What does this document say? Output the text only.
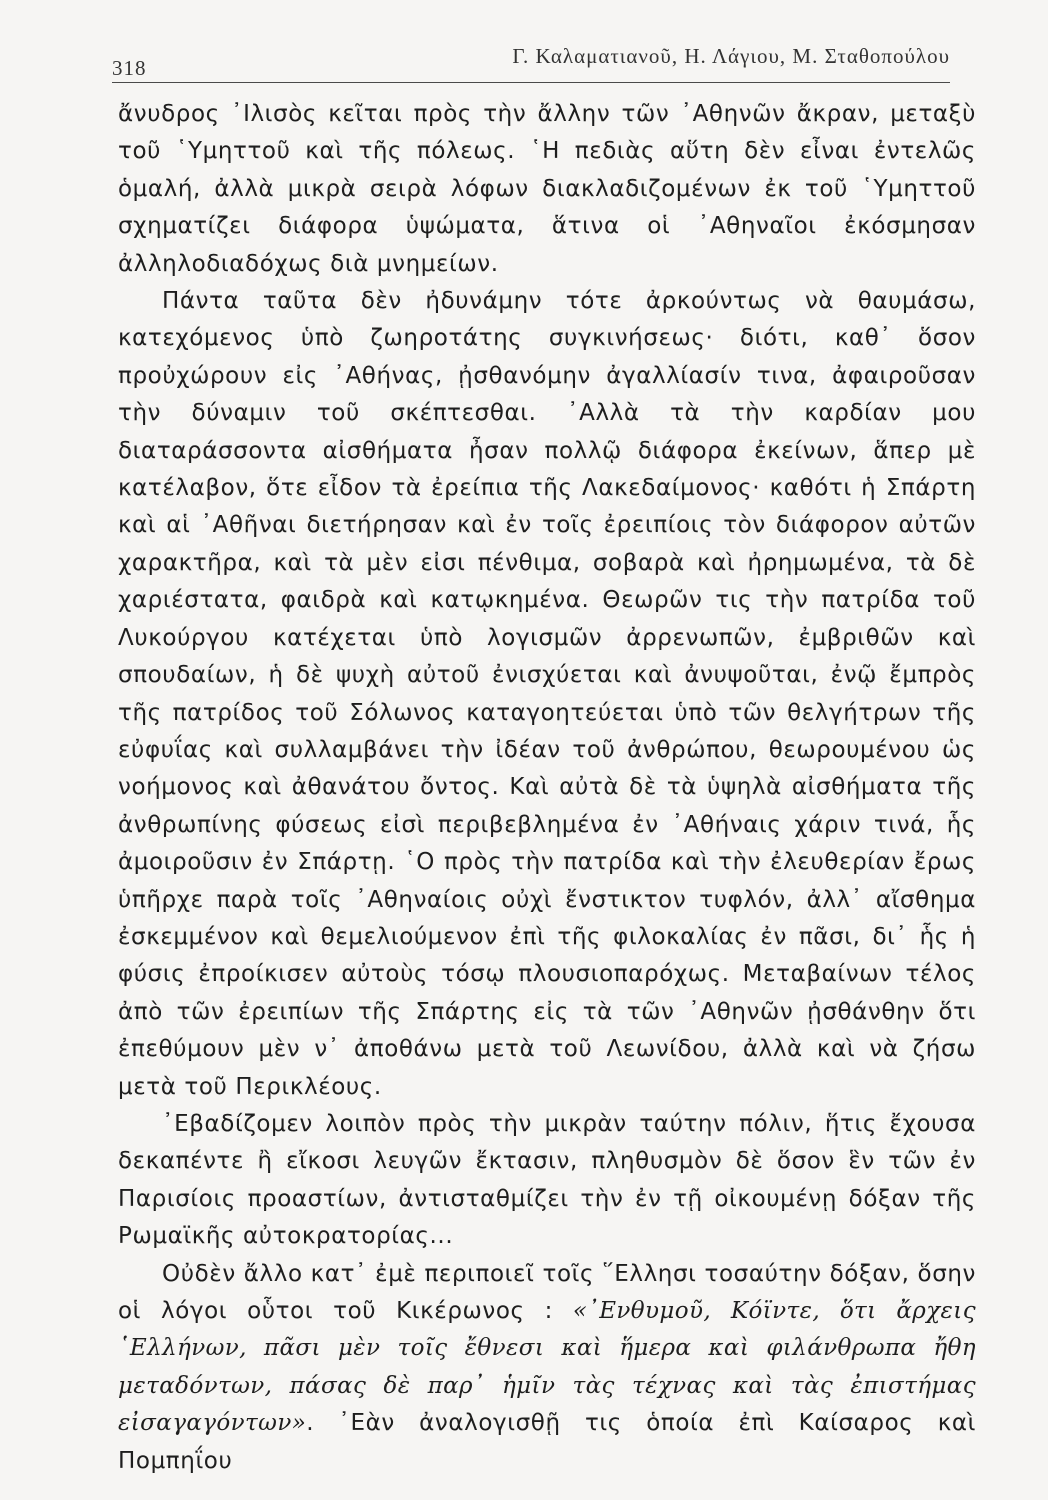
318	Γ. Καλαματιανοῦ, Η. Λάγιου, Μ. Σταθοπούλου

ἄνυδρος ᾿Ιλισὸς κεῖται πρὸς τὴν ἄλλην τῶν ᾿Αθηνῶν ἄκραν, μεταξὺ τοῦ ῾Υμηττοῦ καὶ τῆς πόλεως. ῾Η πεδιὰς αὕτη δὲν εἶναι ἐντελῶς ὁμαλή, ἀλλὰ μικρὰ σειρὰ λόφων διακλαδιζομένων ἐκ τοῦ ῾Υμηττοῦ σχηματίζει διάφορα ὑψώματα, ἅτινα οἱ ᾿Αθηναῖοι ἐκόσμησαν ἀλληλοδιαδόχως διὰ μνημείων.

Πάντα ταῦτα δὲν ἠδυνάμην τότε ἀρκούντως νὰ θαυμάσω, κατεχόμενος ὑπὸ ζωηροτάτης συγκινήσεως· διότι, καθ᾿ ὅσον προὐχώρουν εἰς ᾿Αθήνας, ᾐσθανόμην ἀγαλλίασίν τινα, ἀφαιροῦσαν τὴν δύναμιν τοῦ σκέπτεσθαι. ᾿Αλλὰ τὰ τὴν καρδίαν μου διαταράσσοντα αἰσθήματα ἦσαν πολλῷ διάφορα ἐκείνων, ἅπερ μὲ κατέλαβον, ὅτε εἶδον τὰ ἐρείπια τῆς Λακεδαίμονος· καθότι ἡ Σπάρτη καὶ αἱ ᾿Αθῆναι διετήρησαν καὶ ἐν τοῖς ἐρειπίοις τὸν διάφορον αὐτῶν χαρακτῆρα, καὶ τὰ μὲν εἰσι πένθιμα, σοβαρὰ καὶ ἠρημωμένα, τὰ δὲ χαριέστατα, φαιδρὰ καὶ κατῳκημένα. Θεωρῶν τις τὴν πατρίδα τοῦ Λυκούργου κατέχεται ὑπὸ λογισμῶν ἀρρενωπῶν, ἐμβριθῶν καὶ σπουδαίων, ἡ δὲ ψυχὴ αὐτοῦ ἐνισχύεται καὶ ἀνυψοῦται, ἐνῷ ἔμπρὸς τῆς πατρίδος τοῦ Σόλωνος καταγοητεύεται ὑπὸ τῶν θελγήτρων τῆς εὐφυΐας καὶ συλλαμβάνει τὴν ἰδέαν τοῦ ἀνθρώπου, θεωρουμένου ὡς νοήμονος καὶ ἀθανάτου ὄντος. Καὶ αὐτὰ δὲ τὰ ὑψηλὰ αἰσθήματα τῆς ἀνθρωπίνης φύσεως εἰσὶ περιβεβλημένα ἐν ᾿Αθήναις χάριν τινά, ἧς ἀμοιροῦσιν ἐν Σπάρτῃ. ῾Ο πρὸς τὴν πατρίδα καὶ τὴν ἐλευθερίαν ἔρως ὑπῆρχε παρὰ τοῖς ᾿Αθηναίοις οὐχὶ ἔνστικτον τυφλόν, ἀλλ᾿ αἴσθημα ἐσκεμμένον καὶ θεμελιούμενον ἐπὶ τῆς φιλοκαλίας ἐν πᾶσι, δι᾿ ἧς ἡ φύσις ἐπροίκισεν αὐτοὺς τόσῳ πλουσιοπαρόχως. Μεταβαίνων τέλος ἀπὸ τῶν ἐρειπίων τῆς Σπάρτης εἰς τὰ τῶν ᾿Αθηνῶν ᾐσθάνθην ὅτι ἐπεθύμουν μὲν ν᾿ ἀποθάνω μετὰ τοῦ Λεωνίδου, ἀλλὰ καὶ νὰ ζήσω μετὰ τοῦ Περικλέους.

᾿Εβαδίζομεν λοιπὸν πρὸς τὴν μικρὰν ταύτην πόλιν, ἥτις ἔχουσα δεκαπέντε ἢ εἴκοσι λευγῶν ἔκτασιν, πληθυσμὸν δὲ ὅσον ἓν τῶν ἐν Παρισίοις προαστίων, ἀντισταθμίζει τὴν ἐν τῇ οἰκουμένῃ δόξαν τῆς Ρωμαϊκῆς αὐτοκρατορίας...

Οὐδὲν ἄλλο κατ᾿ ἐμὲ περιποιεῖ τοῖς ῞Ελλησι τοσαύτην δόξαν, ὅσην οἱ λόγοι οὗτοι τοῦ Κικέρωνος : «᾿Ενθυμοῦ, Κόϊντε, ὅτι ἄρχεις ῾Ελλήνων, πᾶσι μὲν τοῖς ἔθνεσι καὶ ἥμερα καὶ φιλάνθρωπα ἤθη μεταδόντων, πάσας δὲ παρ᾿ ἡμῖν τὰς τέχνας καὶ τὰς ἐπιστήμας εἰσαγαγόντων». ᾿Εὰν ἀναλογισθῇ τις ὁποία ἐπὶ Καίσαρος καὶ Πομπηΐου
